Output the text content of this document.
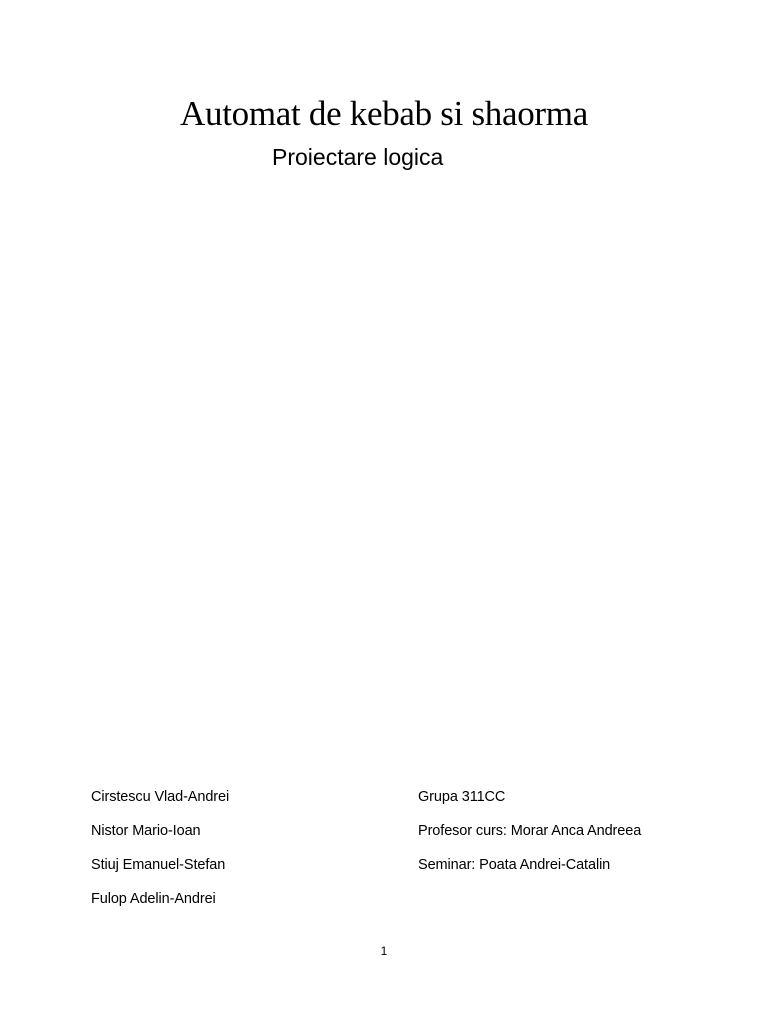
Automat de kebab si shaorma
Proiectare logica
Cirstescu Vlad-Andrei
Nistor Mario-Ioan
Stiuj Emanuel-Stefan
Fulop Adelin-Andrei
Grupa 311CC
Profesor curs: Morar Anca Andreea
Seminar: Poata Andrei-Catalin
1
